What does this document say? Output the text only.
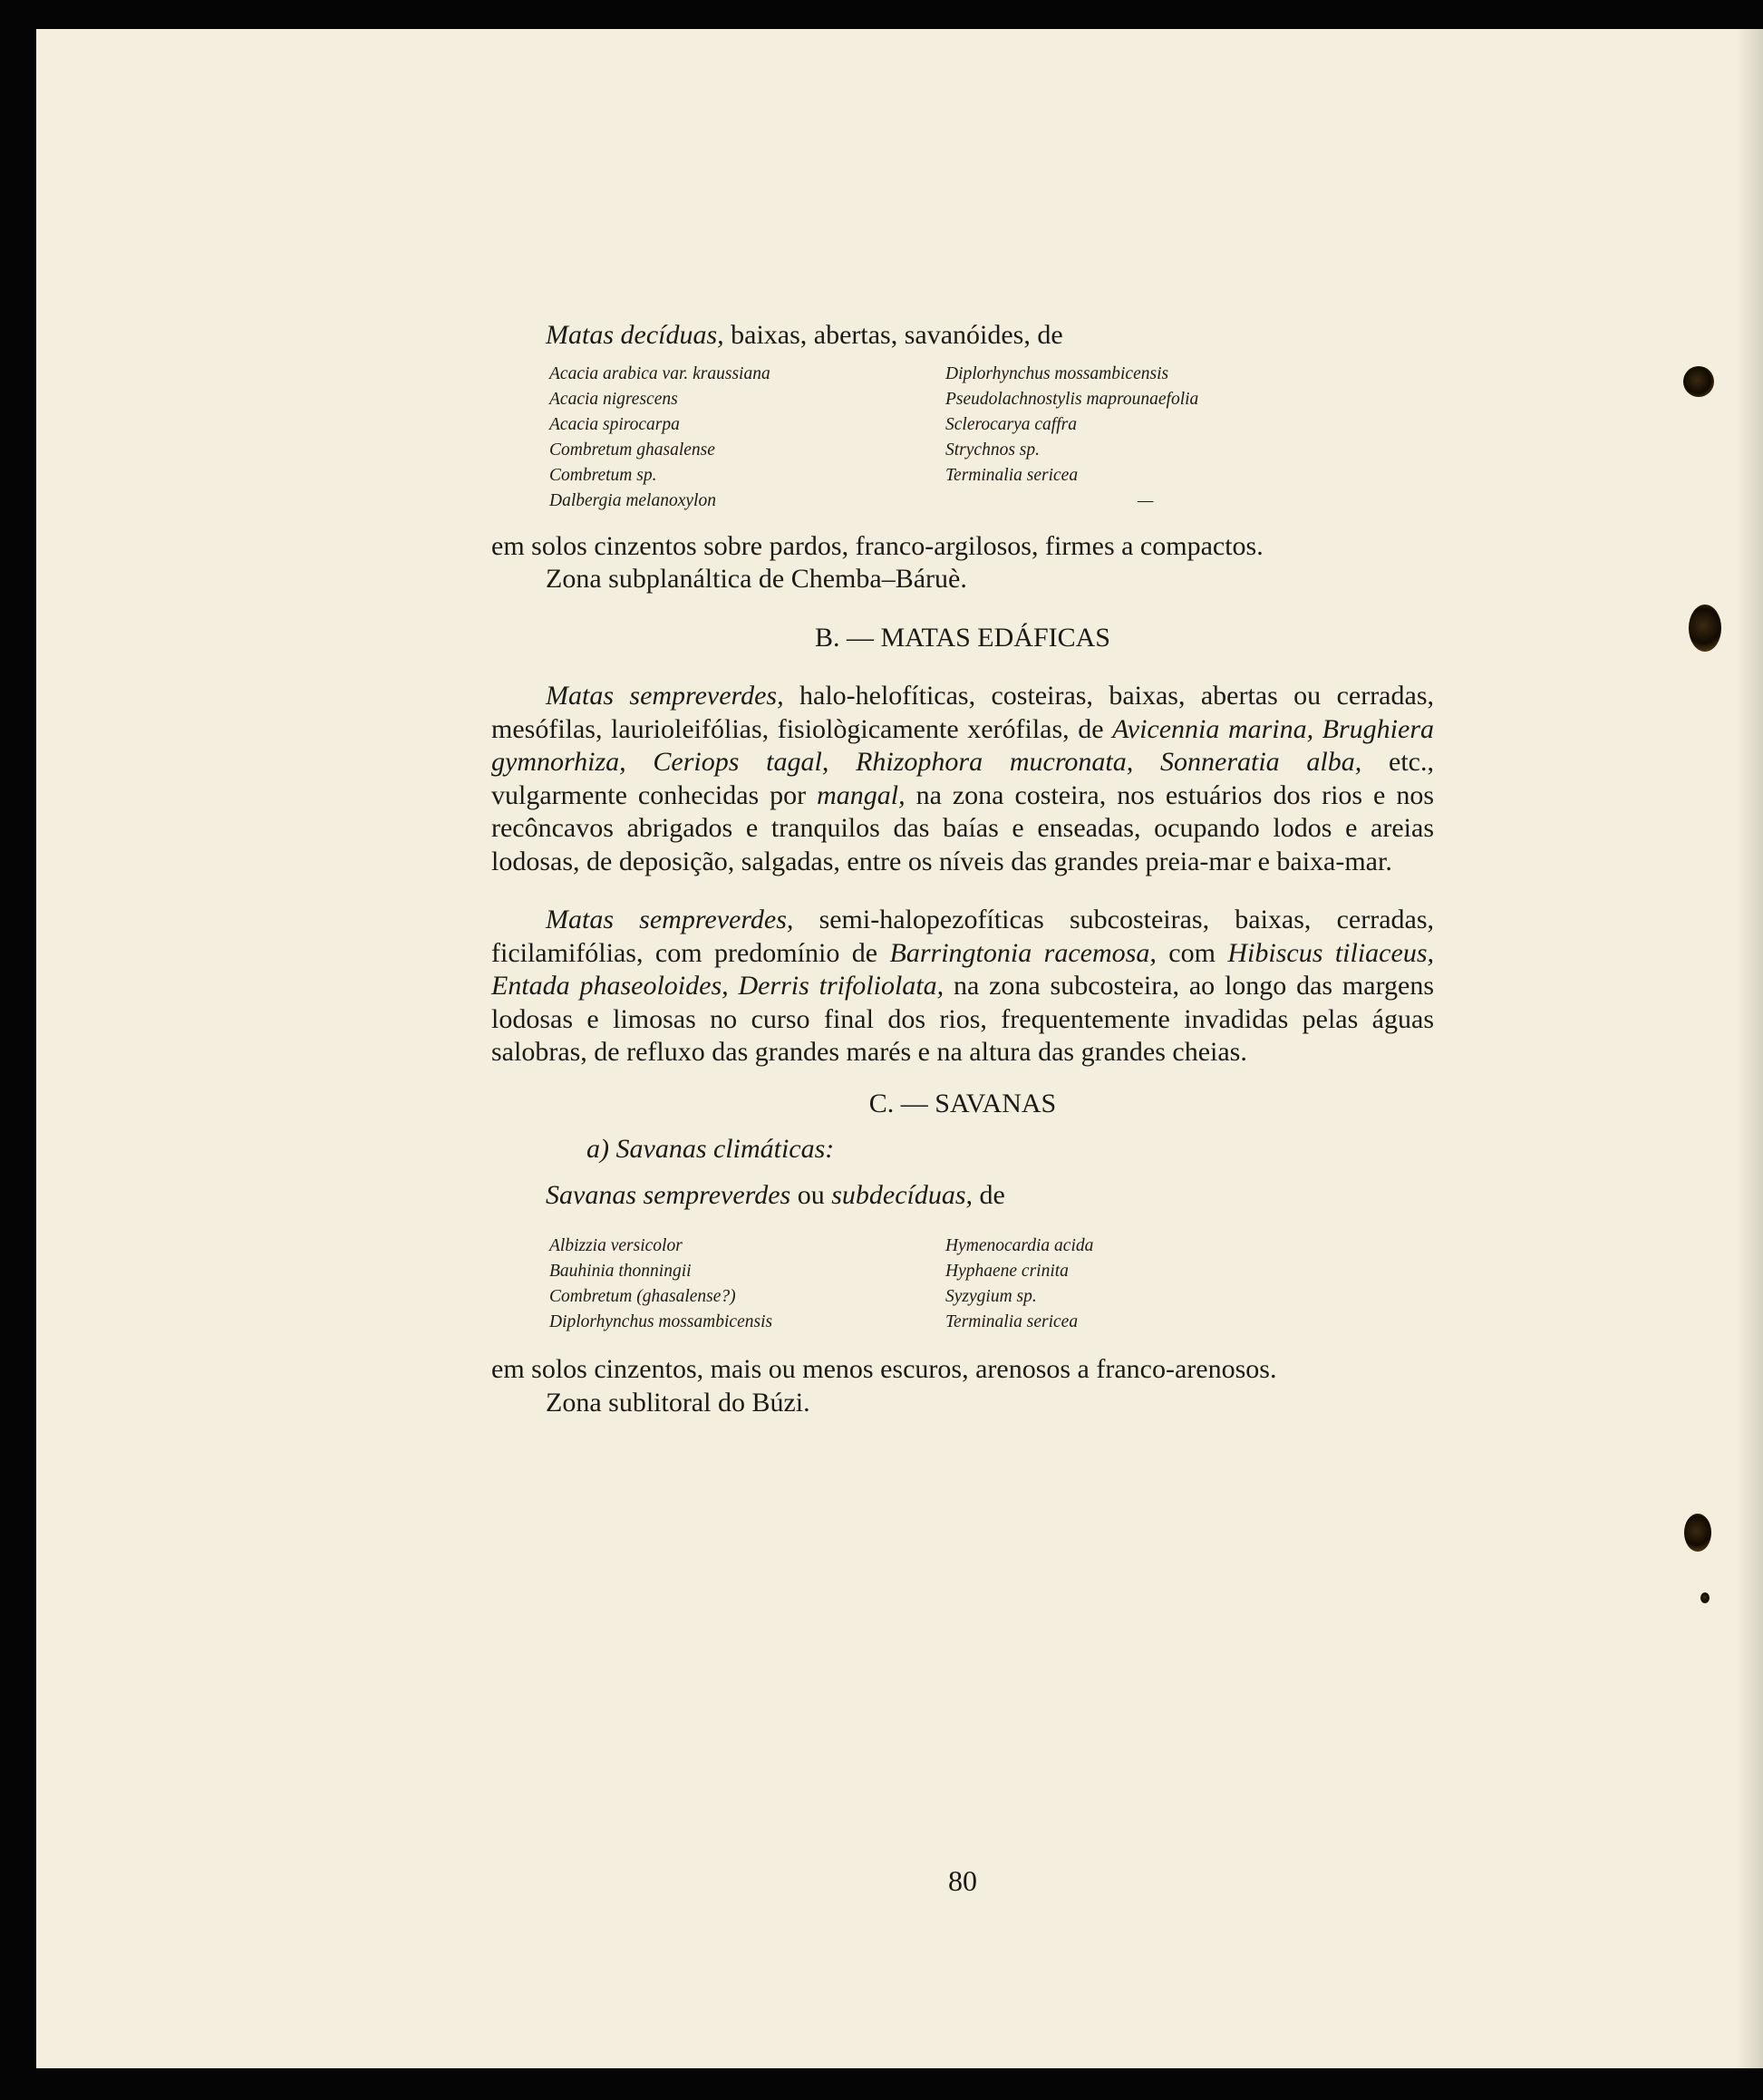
Matas decíduas, baixas, abertas, savanóides, de

Acacia arabica var. kraussiana	Diplorhynchus mossambicensis
Acacia nigrescens	Pseudolachnostylis maprounaefolia
Acacia spirocarpa	Sclerocarya caffra
Combretum ghasalense	Strychnos sp.
Combretum sp.	Terminalia sericea
Dalbergia melanoxylon	—

em solos cinzentos sobre pardos, franco-argilosos, firmes a compactos.

Zona subplanáltica de Chemba–Báruè.

B. — MATAS EDÁFICAS

Matas sempreverdes, halo-helofíticas, costeiras, baixas, abertas ou cerradas, mesófilas, laurioleifólias, fisiològicamente xerófilas, de Avicennia marina, Brughiera gymnorhiza, Ceriops tagal, Rhizophora mucronata, Sonneratia alba, etc., vulgarmente conhecidas por mangal, na zona costeira, nos estuários dos rios e nos recôncavos abrigados e tranquilos das baías e enseadas, ocupando lodos e areias lodosas, de deposição, salgadas, entre os níveis das grandes preia-mar e baixa-mar.

Matas sempreverdes, semi-halopezofíticas subcosteiras, baixas, cerradas, ficilamifólias, com predomínio de Barringtonia racemosa, com Hibiscus tiliaceus, Entada phaseoloides, Derris trifoliolata, na zona subcosteira, ao longo das margens lodosas e limosas no curso final dos rios, frequentemente invadidas pelas águas salobras, de refluxo das grandes marés e na altura das grandes cheias.

C. — SAVANAS

a) Savanas climáticas:

Savanas sempreverdes ou subdecíduas, de

Albizzia versicolor	Hymenocardia acida
Bauhinia thonningii	Hyphaene crinita
Combretum (ghasalense?)	Syzygium sp.
Diplorhynchus mossambicensis	Terminalia sericea

em solos cinzentos, mais ou menos escuros, arenosos a franco-arenosos.

Zona sublitoral do Búzi.

80
